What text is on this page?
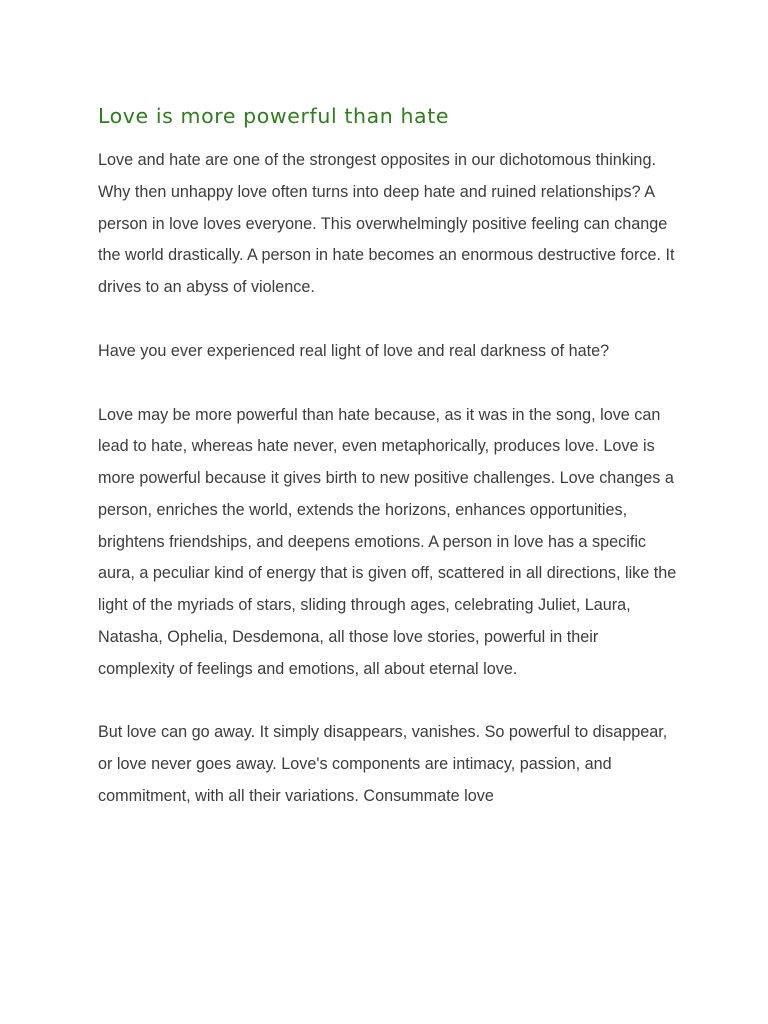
Love is more powerful than hate

Love and hate are one of the strongest opposites in our dichotomous thinking. Why then unhappy love often turns into deep hate and ruined relationships? A person in love loves everyone. This overwhelmingly positive feeling can change the world drastically. A person in hate becomes an enormous destructive force. It drives to an abyss of violence.

Have you ever experienced real light of love and real darkness of hate?

Love may be more powerful than hate because, as it was in the song, love can lead to hate, whereas hate never, even metaphorically, produces love. Love is more powerful because it gives birth to new positive challenges. Love changes a person, enriches the world, extends the horizons, enhances opportunities, brightens friendships, and deepens emotions. A person in love has a specific aura, a peculiar kind of energy that is given off, scattered in all directions, like the light of the myriads of stars, sliding through ages, celebrating Juliet, Laura, Natasha, Ophelia, Desdemona, all those love stories, powerful in their complexity of feelings and emotions, all about eternal love.

But love can go away. It simply disappears, vanishes. So powerful to disappear, or love never goes away. Love's components are intimacy, passion, and commitment, with all their variations. Consummate love
